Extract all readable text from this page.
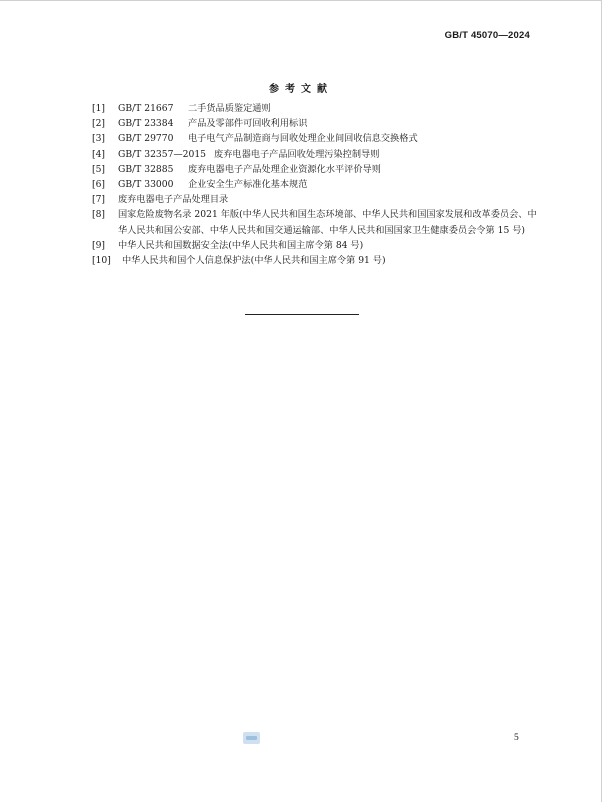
GB/T 45070—2024
参考文献
[1]	GB/T 21667 二手货品质鉴定通则
[2]	GB/T 23384 产品及零部件可回收利用标识
[3]	GB/T 29770 电子电气产品制造商与回收处理企业间回收信息交换格式
[4]	GB/T 32357—2015 废弃电器电子产品回收处理污染控制导则
[5]	GB/T 32885 废弃电器电子产品处理企业资源化水平评价导则
[6]	GB/T 33000 企业安全生产标准化基本规范
[7]	废弃电器电子产品处理目录
[8] 国家危险废物名录 2021 年版(中华人民共和国生态环境部、中华人民共和国国家发展和改革委员会、中华人民共和国公安部、中华人民共和国交通运输部、中华人民共和国国家卫生健康委员会令第 15 号)
[9]	中华人民共和国数据安全法(中华人民共和国主席令第 84 号)
[10]	中华人民共和国个人信息保护法(中华人民共和国主席令第 91 号)
5
